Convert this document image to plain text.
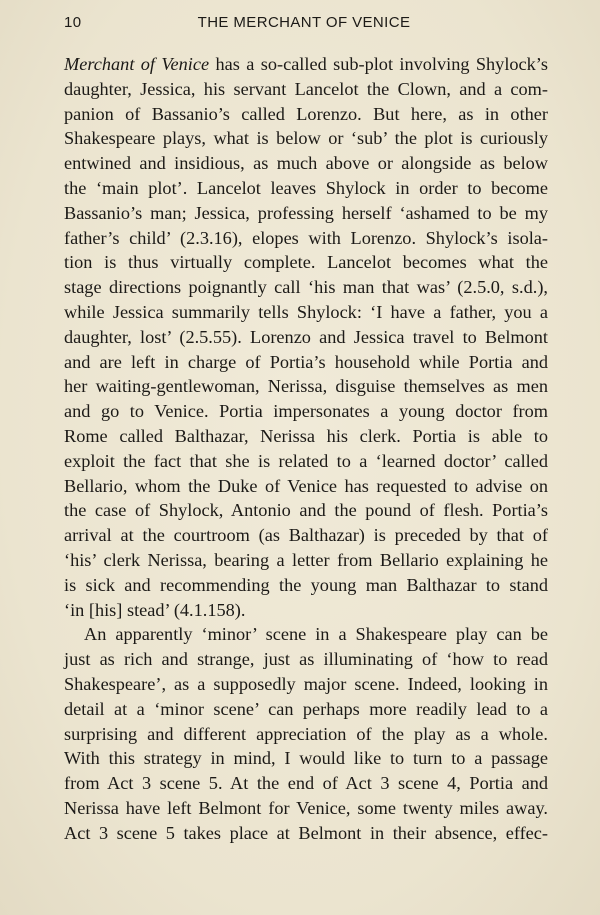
10	THE MERCHANT OF VENICE
Merchant of Venice has a so-called sub-plot involving Shylock’s
daughter, Jessica, his servant Lancelot the Clown, and a com-
panion of Bassanio’s called Lorenzo. But here, as in other
Shakespeare plays, what is below or ‘sub’ the plot is curiously
entwined and insidious, as much above or alongside as below
the ‘main plot’. Lancelot leaves Shylock in order to become
Bassanio’s man; Jessica, professing herself ‘ashamed to be my
father’s child’ (2.3.16), elopes with Lorenzo. Shylock’s isola-
tion is thus virtually complete. Lancelot becomes what the
stage directions poignantly call ‘his man that was’ (2.5.0, s.d.),
while Jessica summarily tells Shylock: ‘I have a father, you a
daughter, lost’ (2.5.55). Lorenzo and Jessica travel to Belmont
and are left in charge of Portia’s household while Portia and
her waiting-gentlewoman, Nerissa, disguise themselves as men
and go to Venice. Portia impersonates a young doctor from
Rome called Balthazar, Nerissa his clerk. Portia is able to
exploit the fact that she is related to a ‘learned doctor’ called
Bellario, whom the Duke of Venice has requested to advise on
the case of Shylock, Antonio and the pound of flesh. Portia’s
arrival at the courtroom (as Balthazar) is preceded by that of
‘his’ clerk Nerissa, bearing a letter from Bellario explaining he
is sick and recommending the young man Balthazar to stand
‘in [his] stead’ (4.1.158).
An apparently ‘minor’ scene in a Shakespeare play can be
just as rich and strange, just as illuminating of ‘how to read
Shakespeare’, as a supposedly major scene. Indeed, looking in
detail at a ‘minor scene’ can perhaps more readily lead to a
surprising and different appreciation of the play as a whole.
With this strategy in mind, I would like to turn to a passage
from Act 3 scene 5. At the end of Act 3 scene 4, Portia and
Nerissa have left Belmont for Venice, some twenty miles away.
Act 3 scene 5 takes place at Belmont in their absence, effec-
